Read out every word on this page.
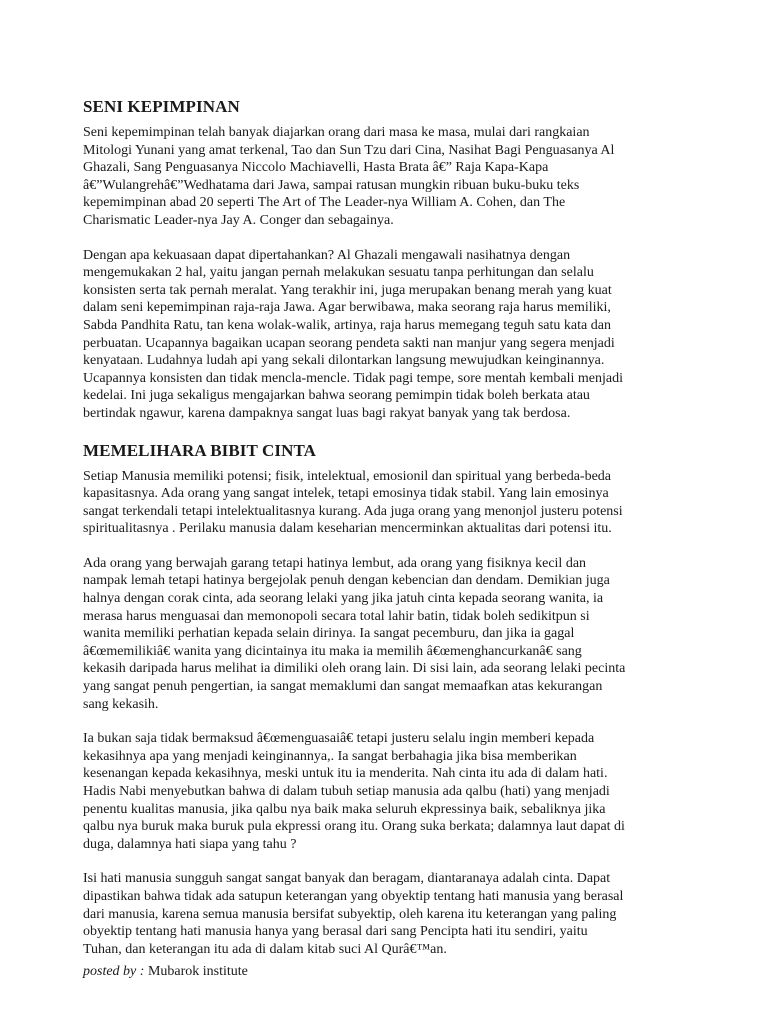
SENI KEPIMPINAN

Seni kepemimpinan telah banyak diajarkan orang dari masa ke masa, mulai dari rangkaian
Mitologi Yunani yang amat terkenal, Tao dan Sun Tzu dari Cina, Nasihat Bagi Penguasanya Al
Ghazali, Sang Penguasanya Niccolo Machiavelli, Hasta Brata â€” Raja Kapa-Kapa
â€”Wulangrehâ€”Wedhatama dari Jawa, sampai ratusan mungkin ribuan buku-buku teks
kepemimpinan abad 20 seperti The Art of The Leader-nya William A. Cohen, dan The
Charismatic Leader-nya Jay A. Conger dan sebagainya.

Dengan apa kekuasaan dapat dipertahankan? Al Ghazali mengawali nasihatnya dengan
mengemukakan 2 hal, yaitu jangan pernah melakukan sesuatu tanpa perhitungan dan selalu
konsisten serta tak pernah meralat. Yang terakhir ini, juga merupakan benang merah yang kuat
dalam seni kepemimpinan raja-raja Jawa. Agar berwibawa, maka seorang raja harus memiliki,
Sabda Pandhita Ratu, tan kena wolak-walik, artinya, raja harus memegang teguh satu kata dan
perbuatan. Ucapannya bagaikan ucapan seorang pendeta sakti nan manjur yang segera menjadi
kenyataan. Ludahnya ludah api yang sekali dilontarkan langsung mewujudkan keinginannya.
Ucapannya konsisten dan tidak mencla-mencle. Tidak pagi tempe, sore mentah kembali menjadi
kedelai. Ini juga sekaligus mengajarkan bahwa seorang pemimpin tidak boleh berkata atau
bertindak ngawur, karena dampaknya sangat luas bagi rakyat banyak yang tak berdosa.

MEMELIHARA BIBIT CINTA

Setiap Manusia memiliki potensi; fisik, intelektual, emosionil dan spiritual yang berbeda-beda
kapasitasnya. Ada orang yang sangat intelek, tetapi emosinya tidak stabil. Yang lain emosinya
sangat terkendali tetapi intelektualitasnya kurang. Ada juga orang yang menonjol justeru potensi
spiritualitasnya . Perilaku manusia dalam keseharian mencerminkan aktualitas dari potensi itu.

Ada orang yang berwajah garang tetapi hatinya lembut, ada orang yang fisiknya kecil dan
nampak lemah tetapi hatinya bergejolak penuh dengan kebencian dan dendam. Demikian juga
halnya dengan corak cinta, ada seorang lelaki yang jika jatuh cinta kepada seorang wanita, ia
merasa harus menguasai dan memonopoli secara total lahir batin, tidak boleh sedikitpun si
wanita memiliki perhatian kepada selain dirinya. Ia sangat pecemburu, dan jika ia gagal
â€œmemilikiâ€ wanita yang dicintainya itu maka ia memilih â€œmenghancurkanâ€ sang
kekasih daripada harus melihat ia dimiliki oleh orang lain. Di sisi lain, ada seorang lelaki pecinta
yang sangat penuh pengertian, ia sangat memaklumi dan sangat memaafkan atas kekurangan
sang kekasih.

Ia bukan saja tidak bermaksud â€œmenguasaiâ€ tetapi justeru selalu ingin memberi kepada
kekasihnya apa yang menjadi keinginannya,. Ia sangat berbahagia jika bisa memberikan
kesenangan kepada kekasihnya, meski untuk itu ia menderita. Nah cinta itu ada di dalam hati.
Hadis Nabi menyebutkan bahwa di dalam tubuh setiap manusia ada qalbu (hati) yang menjadi
penentu kualitas manusia, jika qalbu nya baik maka seluruh ekpressinya baik, sebaliknya jika
qalbu nya buruk maka buruk pula ekpressi orang itu. Orang suka berkata; dalamnya laut dapat di
duga, dalamnya hati siapa yang tahu ?

Isi hati manusia sungguh sangat sangat banyak dan beragam, diantaranaya adalah cinta. Dapat
dipastikan bahwa tidak ada satupun keterangan yang obyektip tentang hati manusia yang berasal
dari manusia, karena semua manusia bersifat subyektip, oleh karena itu keterangan yang paling
obyektip tentang hati manusia hanya yang berasal dari sang Pencipta hati itu sendiri, yaitu
Tuhan, dan keterangan itu ada di dalam kitab suci Al Qurâ€™an.

posted by : Mubarok institute
